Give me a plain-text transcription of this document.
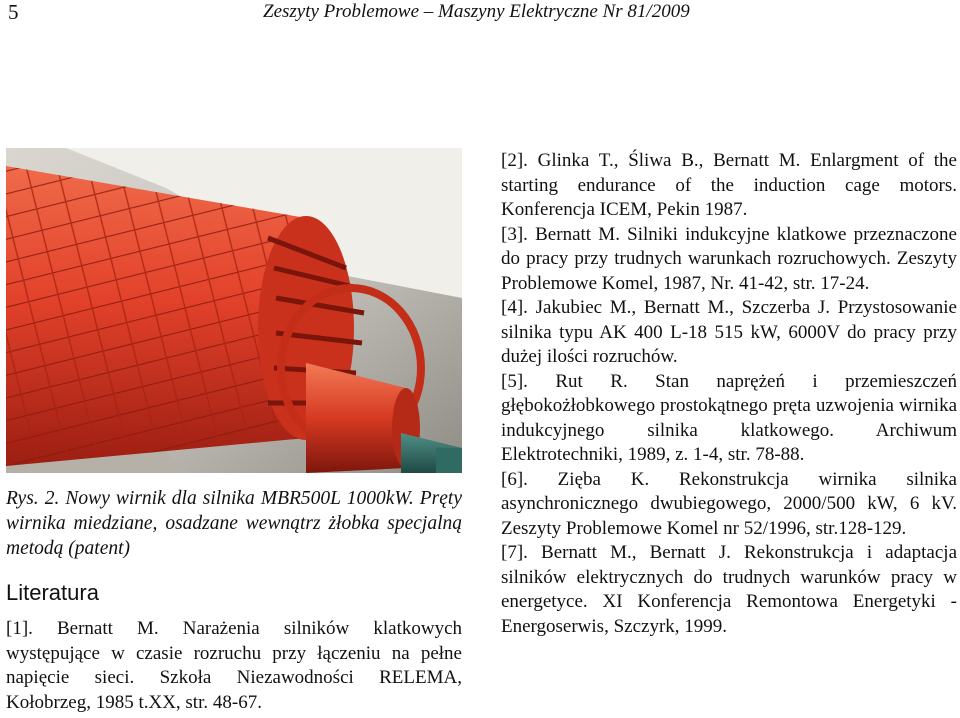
5	Zeszyty Problemowe – Maszyny Elektryczne Nr 81/2009
Rys. 2. Nowy wirnik dla silnika MBR500L 1000kW. Pręty wirnika miedziane, osadzane wewnątrz żłobka specjalną metodą (patent)
Literatura

[1]. Bernatt M. Narażenia silników klatkowych występujące w czasie rozruchu przy łączeniu na pełne napięcie sieci. Szkoła Niezawodności RELEMA, Kołobrzeg, 1985 t.XX, str. 48-67.

[2]. Glinka T., Śliwa B., Bernatt M. Enlargment of the starting endurance of the induction cage motors. Konferencja ICEM, Pekin 1987.

[3]. Bernatt M. Silniki indukcyjne klatkowe przeznaczone do pracy przy trudnych warunkach rozruchowych. Zeszyty Problemowe Komel, 1987, Nr. 41-42, str. 17-24.

[4]. Jakubiec M., Bernatt M., Szczerba J. Przystosowanie silnika typu AK 400 L-18 515 kW, 6000V do pracy przy dużej ilości rozruchów.

[5]. Rut R. Stan naprężeń i przemieszczeń głębokożłobkowego prostokątnego pręta uzwojenia wirnika indukcyjnego silnika klatkowego. Archiwum Elektrotechniki, 1989, z. 1-4, str. 78-88.

[6]. Zięba K. Rekonstrukcja wirnika silnika asynchronicznego dwubiegowego, 2000/500 kW, 6 kV. Zeszyty Problemowe Komel nr 52/1996, str.128-129.

[7]. Bernatt M., Bernatt J. Rekonstrukcja i adaptacja silników elektrycznych do trudnych warunków pracy w energetyce. XI Konferencja Remontowa Energetyki - Energoserwis, Szczyrk, 1999.
